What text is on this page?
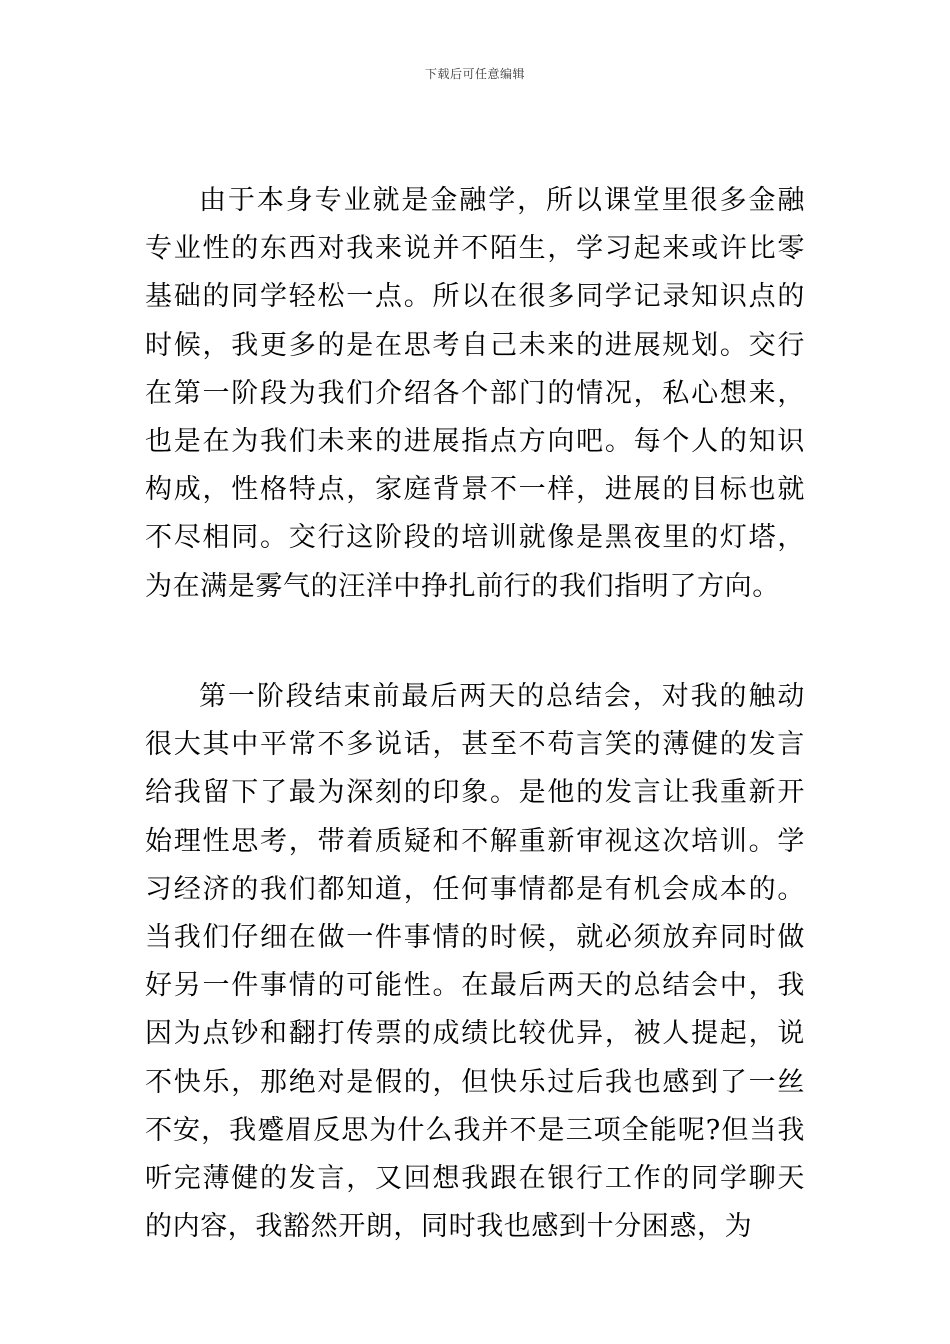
下载后可任意编辑

由于本身专业就是金融学，所以课堂里很多金融专业性的东西对我来说并不陌生，学习起来或许比零基础的同学轻松一点。所以在很多同学记录知识点的时候，我更多的是在思考自己未来的进展规划。交行在第一阶段为我们介绍各个部门的情况，私心想来，也是在为我们未来的进展指点方向吧。每个人的知识构成，性格特点，家庭背景不一样，进展的目标也就不尽相同。交行这阶段的培训就像是黑夜里的灯塔，为在满是雾气的汪洋中挣扎前行的我们指明了方向。

第一阶段结束前最后两天的总结会，对我的触动很大其中平常不多说话，甚至不苟言笑的薄健的发言给我留下了最为深刻的印象。是他的发言让我重新开始理性思考，带着质疑和不解重新审视这次培训。学习经济的我们都知道，任何事情都是有机会成本的。当我们仔细在做一件事情的时候，就必须放弃同时做好另一件事情的可能性。在最后两天的总结会中，我因为点钞和翻打传票的成绩比较优异，被人提起，说不快乐，那绝对是假的，但快乐过后我也感到了一丝不安，我蹙眉反思为什么我并不是三项全能呢?但当我听完薄健的发言，又回想我跟在银行工作的同学聊天的内容，我豁然开朗，同时我也感到十分困惑，为
